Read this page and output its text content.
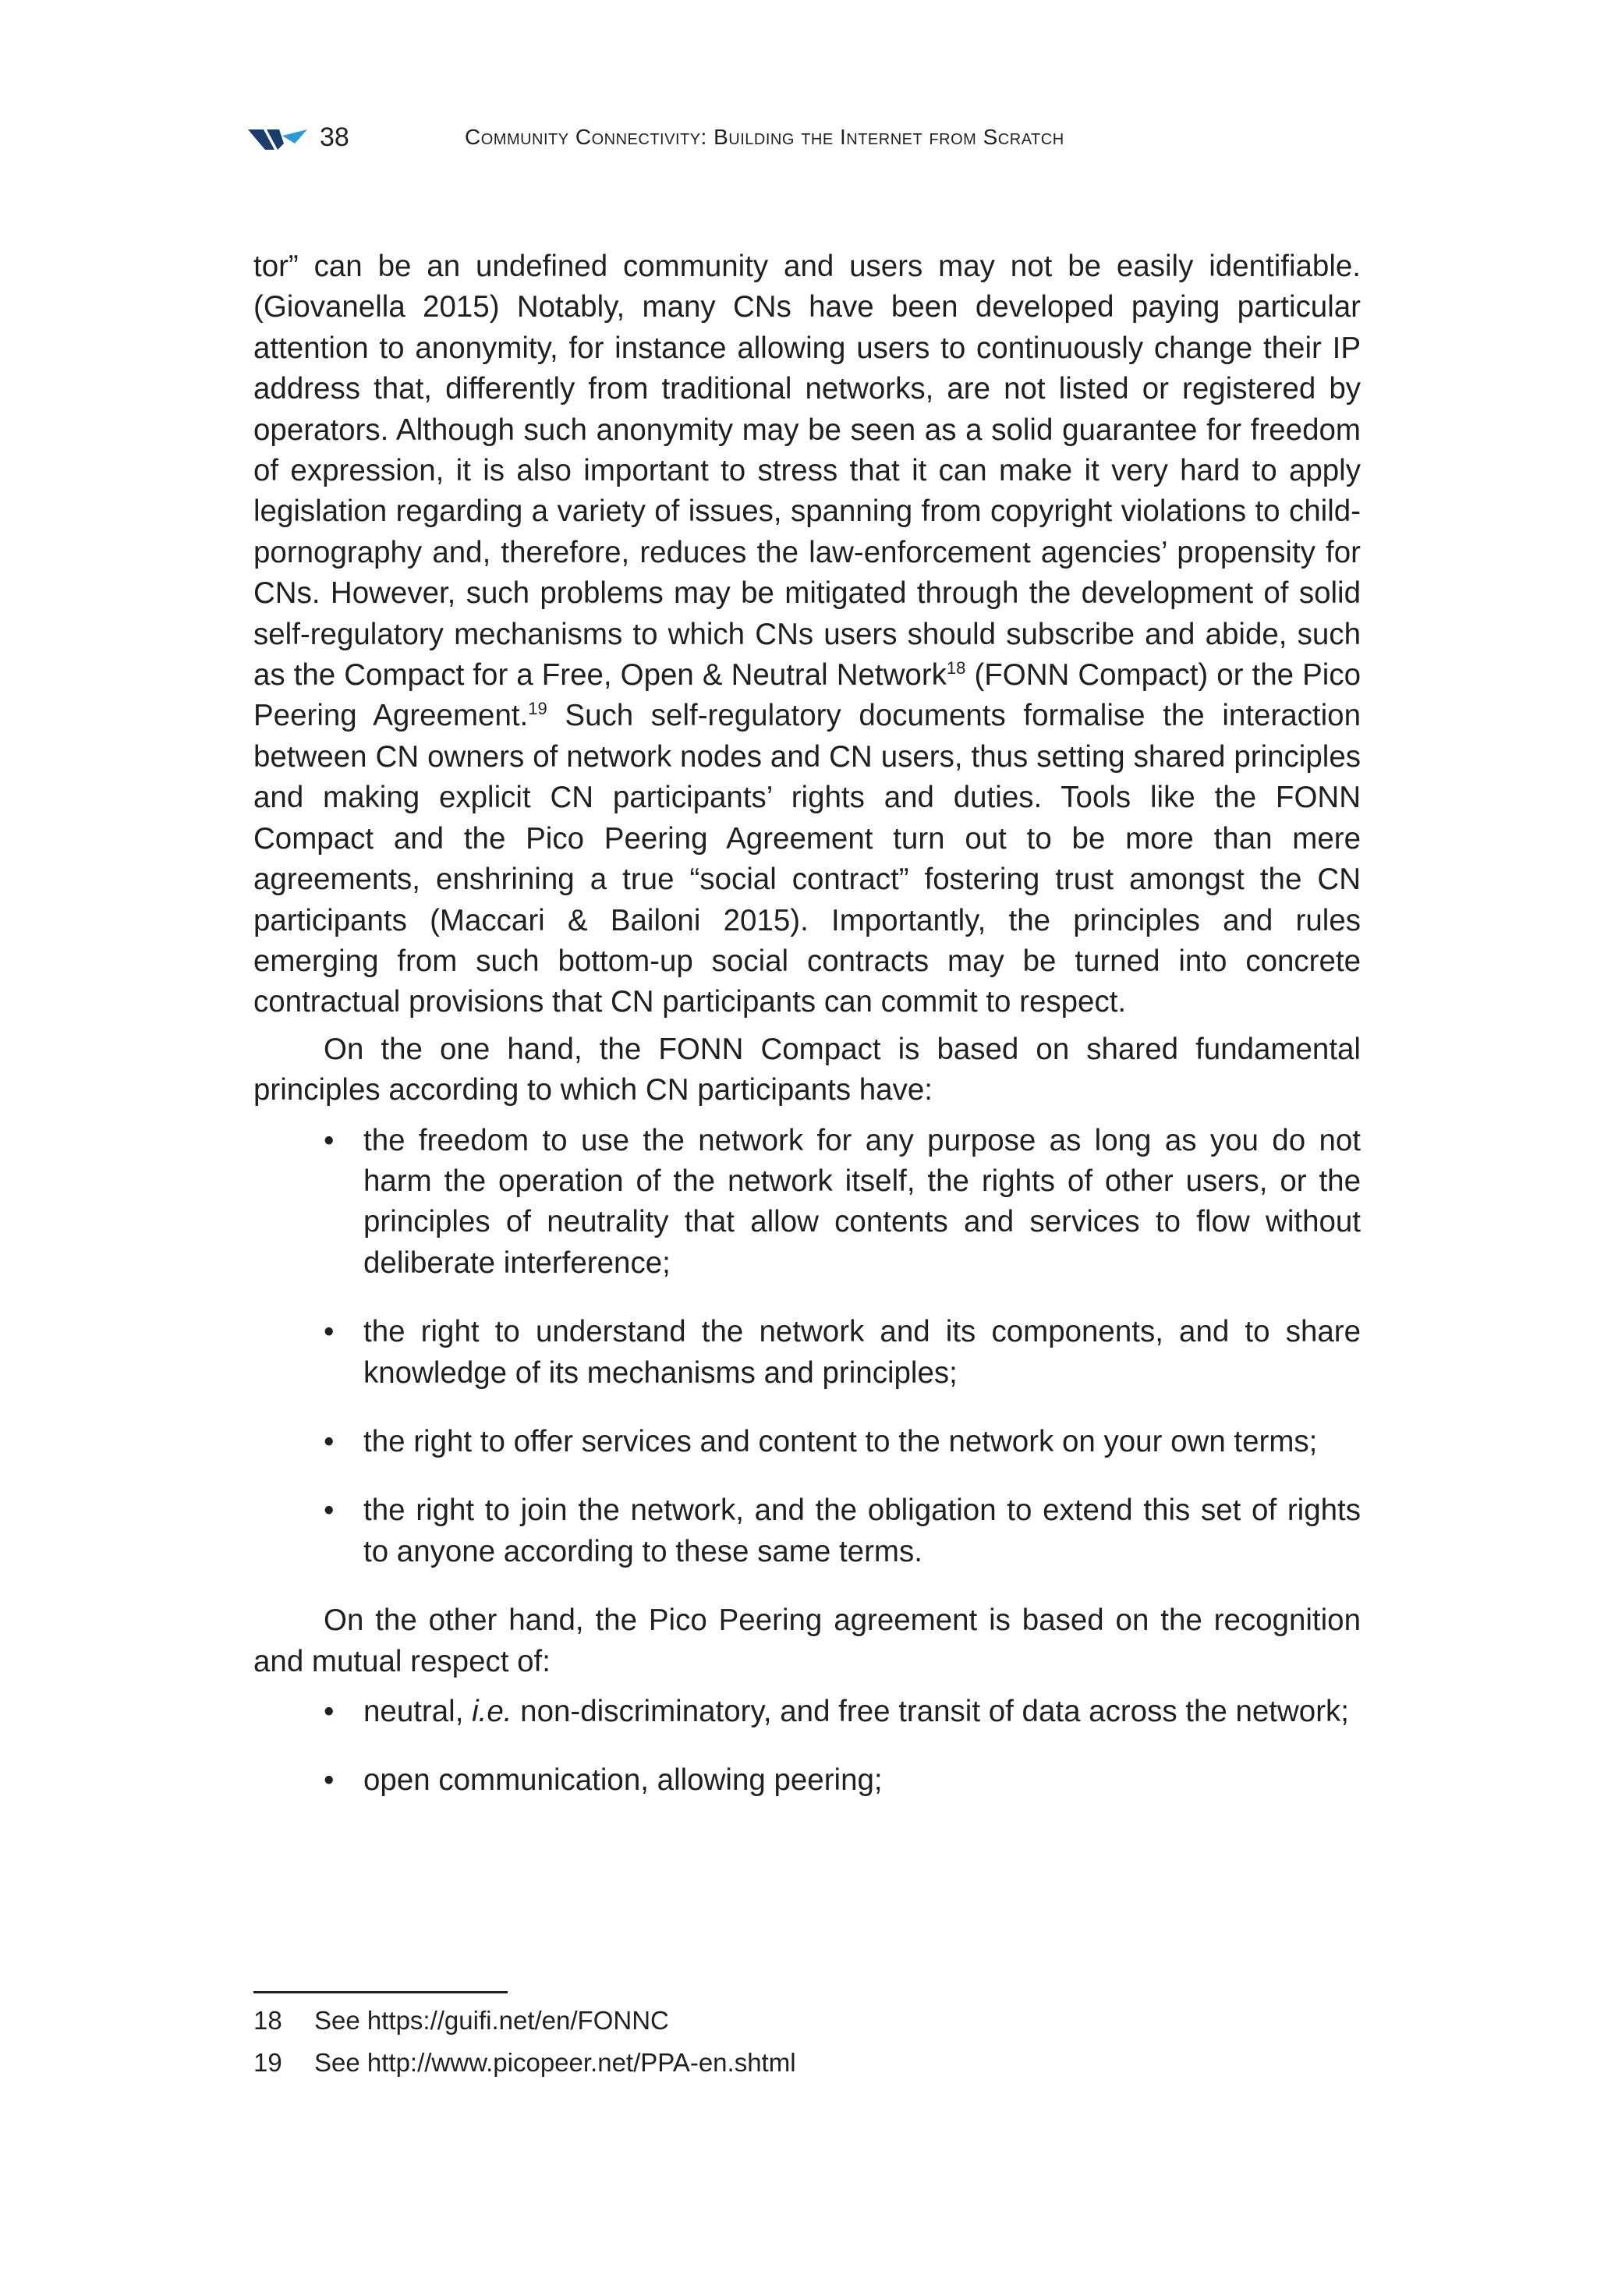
38	Community Connectivity: Building the Internet from Scratch

tor” can be an undefined community and users may not be easily identifiable. (Giovanella 2015) Notably, many CNs have been developed paying particular attention to anonymity, for instance allowing users to continuously change their IP address that, differently from traditional networks, are not listed or registered by operators. Although such anonymity may be seen as a solid guarantee for freedom of expression, it is also important to stress that it can make it very hard to apply legislation regarding a variety of issues, spanning from copyright violations to child-pornography and, therefore, reduces the law-enforcement agencies’ propensity for CNs. However, such problems may be mitigated through the development of solid self-regulatory mechanisms to which CNs users should subscribe and abide, such as the Compact for a Free, Open & Neutral Network$^{18}$ (FONN Compact) or the Pico Peering Agreement.$^{19}$ Such self-regulatory documents formalise the interaction between CN owners of network nodes and CN users, thus setting shared principles and making explicit CN participants’ rights and duties. Tools like the FONN Compact and the Pico Peering Agreement turn out to be more than mere agreements, enshrining a true “social contract” fostering trust amongst the CN participants (Maccari & Bailoni 2015). Importantly, the principles and rules emerging from such bottom-up social contracts may be turned into concrete contractual provisions that CN participants can commit to respect.

On the one hand, the FONN Compact is based on shared fundamental principles according to which CN participants have:

• the freedom to use the network for any purpose as long as you do not harm the operation of the network itself, the rights of other users, or the principles of neutrality that allow contents and services to flow without deliberate interference;
• the right to understand the network and its components, and to share knowledge of its mechanisms and principles;
• the right to offer services and content to the network on your own terms;
• the right to join the network, and the obligation to extend this set of rights to anyone according to these same terms.

On the other hand, the Pico Peering agreement is based on the recognition and mutual respect of:

• neutral, i.e. non-discriminatory, and free transit of data across the network;
• open communication, allowing peering;
18 See https://guifi.net/en/FONNC
19 See http://www.picopeer.net/PPA-en.shtml
